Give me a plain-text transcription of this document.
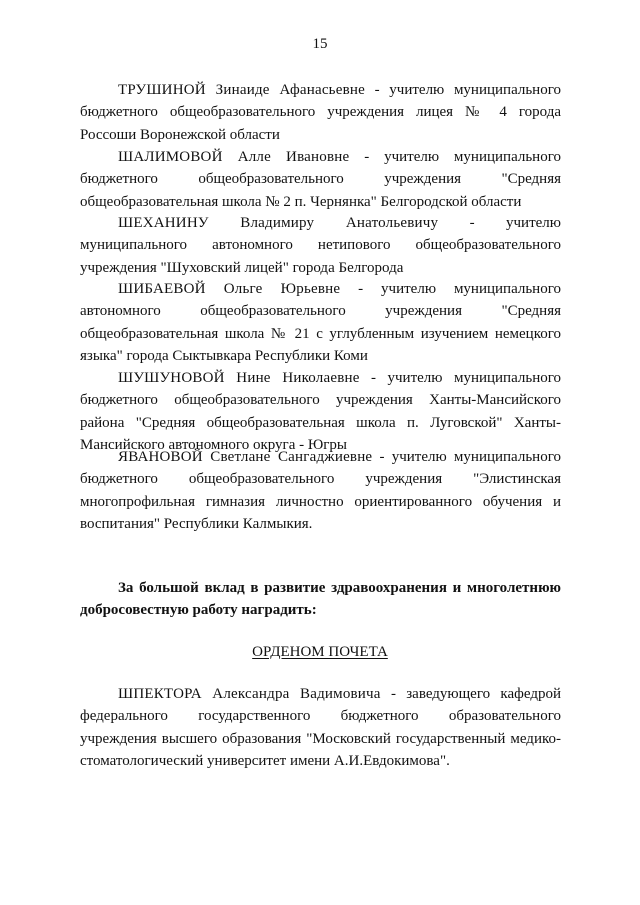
15

ТРУШИНОЙ Зинаиде Афанасьевне - учителю муниципального бюджетного общеобразовательного учреждения лицея № 4 города Россоши Воронежской области

ШАЛИМОВОЙ Алле Ивановне - учителю муниципального бюджетного общеобразовательного учреждения "Средняя общеобразовательная школа № 2 п. Чернянка" Белгородской области

ШЕХАНИНУ Владимиру Анатольевичу - учителю муниципального автономного нетипового общеобразовательного учреждения "Шуховский лицей" города Белгорода

ШИБАЕВОЙ Ольге Юрьевне - учителю муниципального автономного общеобразовательного учреждения "Средняя общеобразовательная школа № 21 с углубленным изучением немецкого языка" города Сыктывкара Республики Коми

ШУШУНОВОЙ Нине Николаевне - учителю муниципального бюджетного общеобразовательного учреждения Ханты-Мансийского района "Средняя общеобразовательная школа п. Луговской" Ханты-Мансийского автономного округа - Югры

ЯВАНОВОЙ Светлане Сангаджиевне - учителю муниципального бюджетного общеобразовательного учреждения "Элистинская многопрофильная гимназия личностно ориентированного обучения и воспитания" Республики Калмыкия.

За большой вклад в развитие здравоохранения и многолетнюю добросовестную работу наградить:

ОРДЕНОМ ПОЧЕТА

ШПЕКТОРА Александра Вадимовича - заведующего кафедрой федерального государственного бюджетного образовательного учреждения высшего образования "Московский государственный медико-стоматологический университет имени А.И.Евдокимова".
